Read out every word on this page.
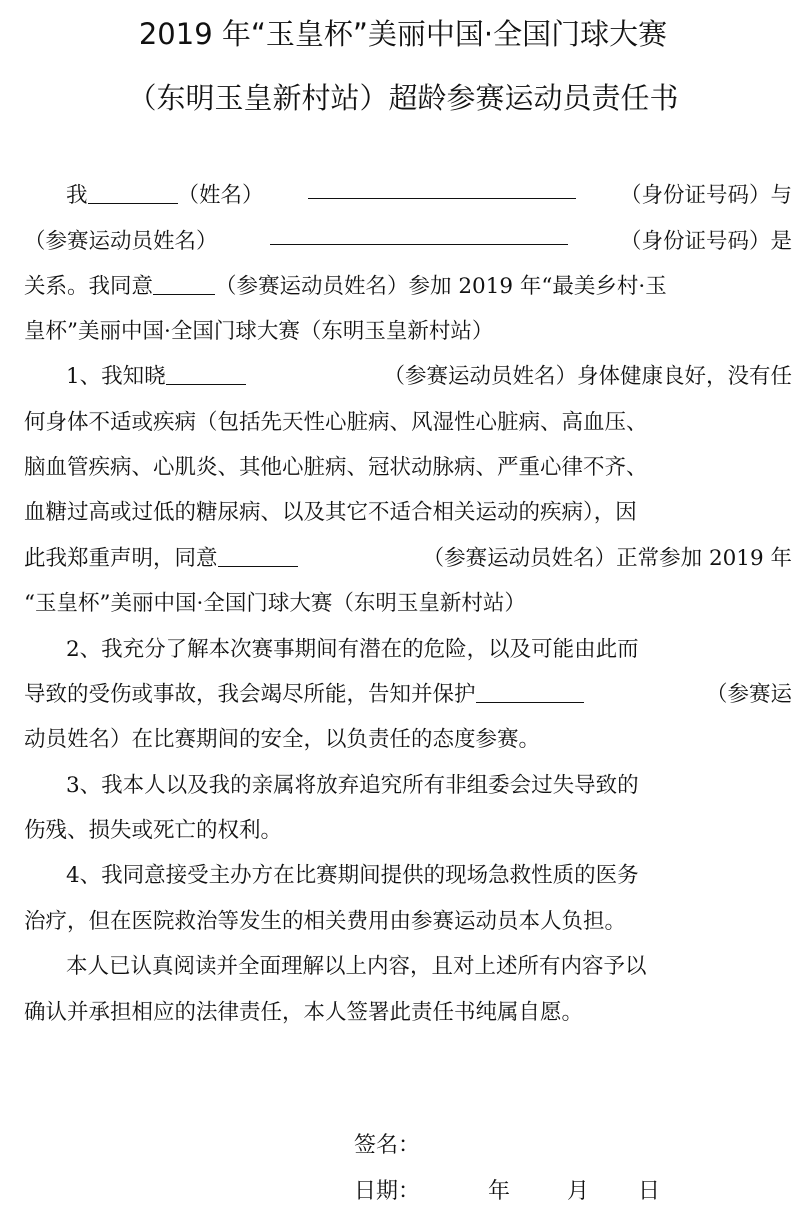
2019 年“玉皇杯”美丽中国·全国门球大赛
（东明玉皇新村站）超龄参赛运动员责任书
我	（姓名）	（身份证号码）与
（参赛运动员姓名）	（身份证号码）是
关系。我同意	（参赛运动员姓名）参加 2019 年“最美乡村·玉
皇杯”美丽中国·全国门球大赛（东明玉皇新村站）
1、我知晓	（参赛运动员姓名）身体健康良好，没有任
何身体不适或疾病（包括先天性心脏病、风湿性心脏病、高血压、
脑血管疾病、心肌炎、其他心脏病、冠状动脉病、严重心律不齐、
血糖过高或过低的糖尿病、以及其它不适合相关运动的疾病），因
此我郑重声明，同意	（参赛运动员姓名）正常参加 2019 年
“玉皇杯”美丽中国·全国门球大赛（东明玉皇新村站）
2、我充分了解本次赛事期间有潜在的危险，以及可能由此而
导致的受伤或事故，我会竭尽所能，告知并保护	（参赛运
动员姓名）在比赛期间的安全，以负责任的态度参赛。
3、我本人以及我的亲属将放弃追究所有非组委会过失导致的
伤残、损失或死亡的权利。
4、我同意接受主办方在比赛期间提供的现场急救性质的医务
治疗，但在医院救治等发生的相关费用由参赛运动员本人负担。
本人已认真阅读并全面理解以上内容，且对上述所有内容予以
确认并承担相应的法律责任，本人签署此责任书纯属自愿。
签名：
日期：	年	月 日
